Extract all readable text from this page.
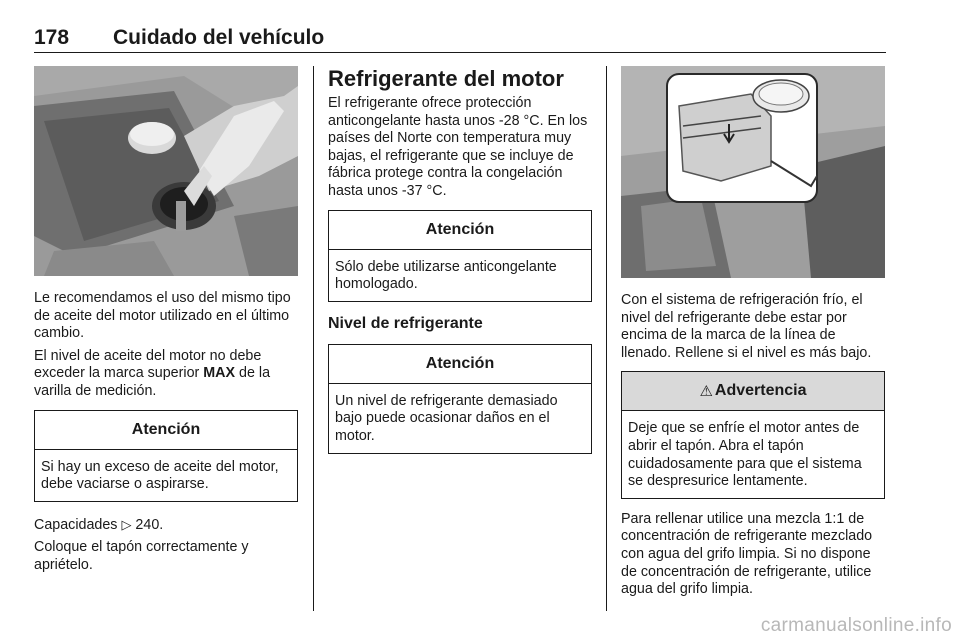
178 Cuidado del vehículo

Le recomendamos el uso del mismo tipo de aceite del motor utilizado en el último cambio.

El nivel de aceite del motor no debe exceder la marca superior MAX de la varilla de medición.

Atención
Si hay un exceso de aceite del motor, debe vaciarse o aspirarse.

Capacidades ▷ 240.

Coloque el tapón correctamente y apriételo.

Refrigerante del motor

El refrigerante ofrece protección anticongelante hasta unos -28 °C. En los países del Norte con temperatura muy bajas, el refrigerante que se incluye de fábrica protege contra la congelación hasta unos -37 °C.

Atención
Sólo debe utilizarse anticongelante homologado.
Nivel de refrigerante
Atención
Un nivel de refrigerante demasiado bajo puede ocasionar daños en el motor.

Con el sistema de refrigeración frío, el nivel del refrigerante debe estar por encima de la marca de la línea de llenado. Rellene si el nivel es más bajo.

⚠ Advertencia
Deje que se enfríe el motor antes de abrir el tapón. Abra el tapón cuidadosamente para que el sistema se despresurice lentamente.

Para rellenar utilice una mezcla 1:1 de concentración de refrigerante mezclado con agua del grifo limpia. Si no dispone de concentración de refrigerante, utilice agua del grifo limpia.

carmanualsonline.info
